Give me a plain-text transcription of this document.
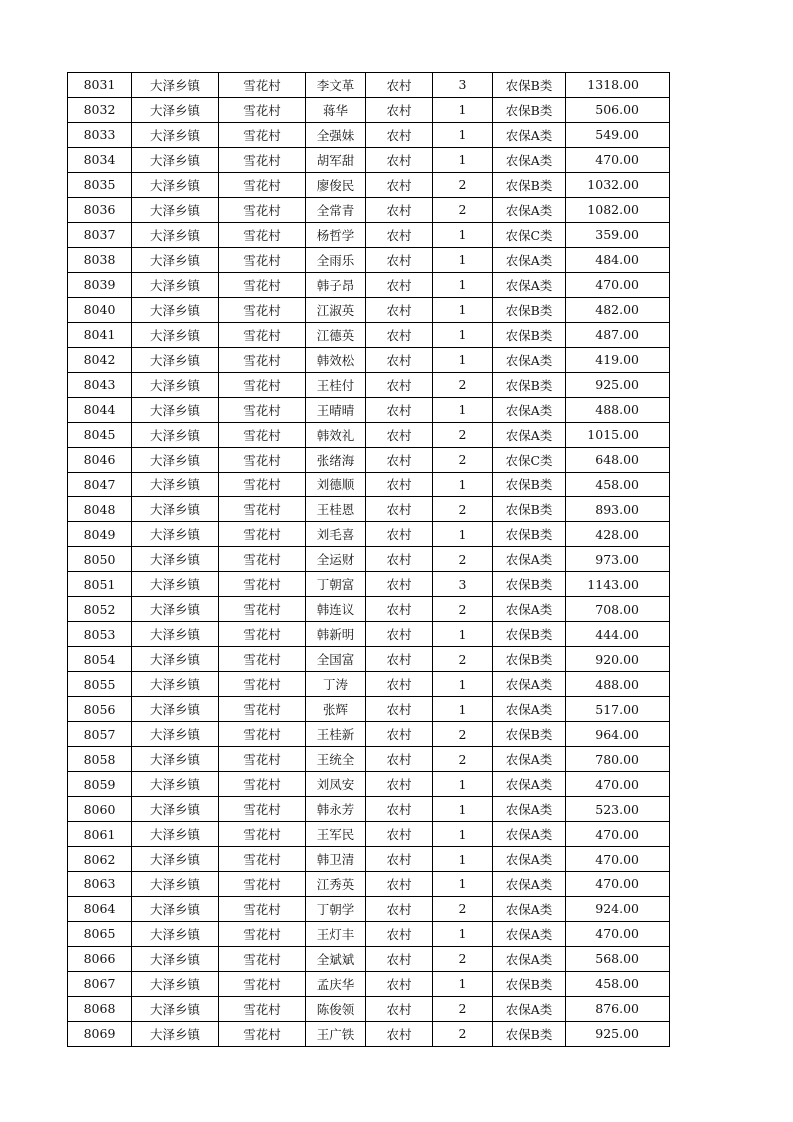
8031	大泽乡镇	雪花村	李文革	农村	3	农保B类	1318.00
8032	大泽乡镇	雪花村	蒋华	农村	1	农保B类	506.00
8033	大泽乡镇	雪花村	全强妹	农村	1	农保A类	549.00
8034	大泽乡镇	雪花村	胡军甜	农村	1	农保A类	470.00
8035	大泽乡镇	雪花村	廖俊民	农村	2	农保B类	1032.00
8036	大泽乡镇	雪花村	全常青	农村	2	农保A类	1082.00
8037	大泽乡镇	雪花村	杨哲学	农村	1	农保C类	359.00
8038	大泽乡镇	雪花村	全雨乐	农村	1	农保A类	484.00
8039	大泽乡镇	雪花村	韩子昂	农村	1	农保A类	470.00
8040	大泽乡镇	雪花村	江淑英	农村	1	农保B类	482.00
8041	大泽乡镇	雪花村	江德英	农村	1	农保B类	487.00
8042	大泽乡镇	雪花村	韩效松	农村	1	农保A类	419.00
8043	大泽乡镇	雪花村	王桂付	农村	2	农保B类	925.00
8044	大泽乡镇	雪花村	王晴晴	农村	1	农保A类	488.00
8045	大泽乡镇	雪花村	韩效礼	农村	2	农保A类	1015.00
8046	大泽乡镇	雪花村	张绪海	农村	2	农保C类	648.00
8047	大泽乡镇	雪花村	刘德顺	农村	1	农保B类	458.00
8048	大泽乡镇	雪花村	王桂恩	农村	2	农保B类	893.00
8049	大泽乡镇	雪花村	刘毛喜	农村	1	农保B类	428.00
8050	大泽乡镇	雪花村	全运财	农村	2	农保A类	973.00
8051	大泽乡镇	雪花村	丁朝富	农村	3	农保B类	1143.00
8052	大泽乡镇	雪花村	韩连议	农村	2	农保A类	708.00
8053	大泽乡镇	雪花村	韩新明	农村	1	农保B类	444.00
8054	大泽乡镇	雪花村	全国富	农村	2	农保B类	920.00
8055	大泽乡镇	雪花村	丁涛	农村	1	农保A类	488.00
8056	大泽乡镇	雪花村	张辉	农村	1	农保A类	517.00
8057	大泽乡镇	雪花村	王桂新	农村	2	农保B类	964.00
8058	大泽乡镇	雪花村	王统全	农村	2	农保A类	780.00
8059	大泽乡镇	雪花村	刘凤安	农村	1	农保A类	470.00
8060	大泽乡镇	雪花村	韩永芳	农村	1	农保A类	523.00
8061	大泽乡镇	雪花村	王军民	农村	1	农保A类	470.00
8062	大泽乡镇	雪花村	韩卫清	农村	1	农保A类	470.00
8063	大泽乡镇	雪花村	江秀英	农村	1	农保A类	470.00
8064	大泽乡镇	雪花村	丁朝学	农村	2	农保A类	924.00
8065	大泽乡镇	雪花村	王灯丰	农村	1	农保A类	470.00
8066	大泽乡镇	雪花村	全斌斌	农村	2	农保A类	568.00
8067	大泽乡镇	雪花村	孟庆华	农村	1	农保B类	458.00
8068	大泽乡镇	雪花村	陈俊领	农村	2	农保A类	876.00
8069	大泽乡镇	雪花村	王广铁	农村	2	农保B类	925.00
